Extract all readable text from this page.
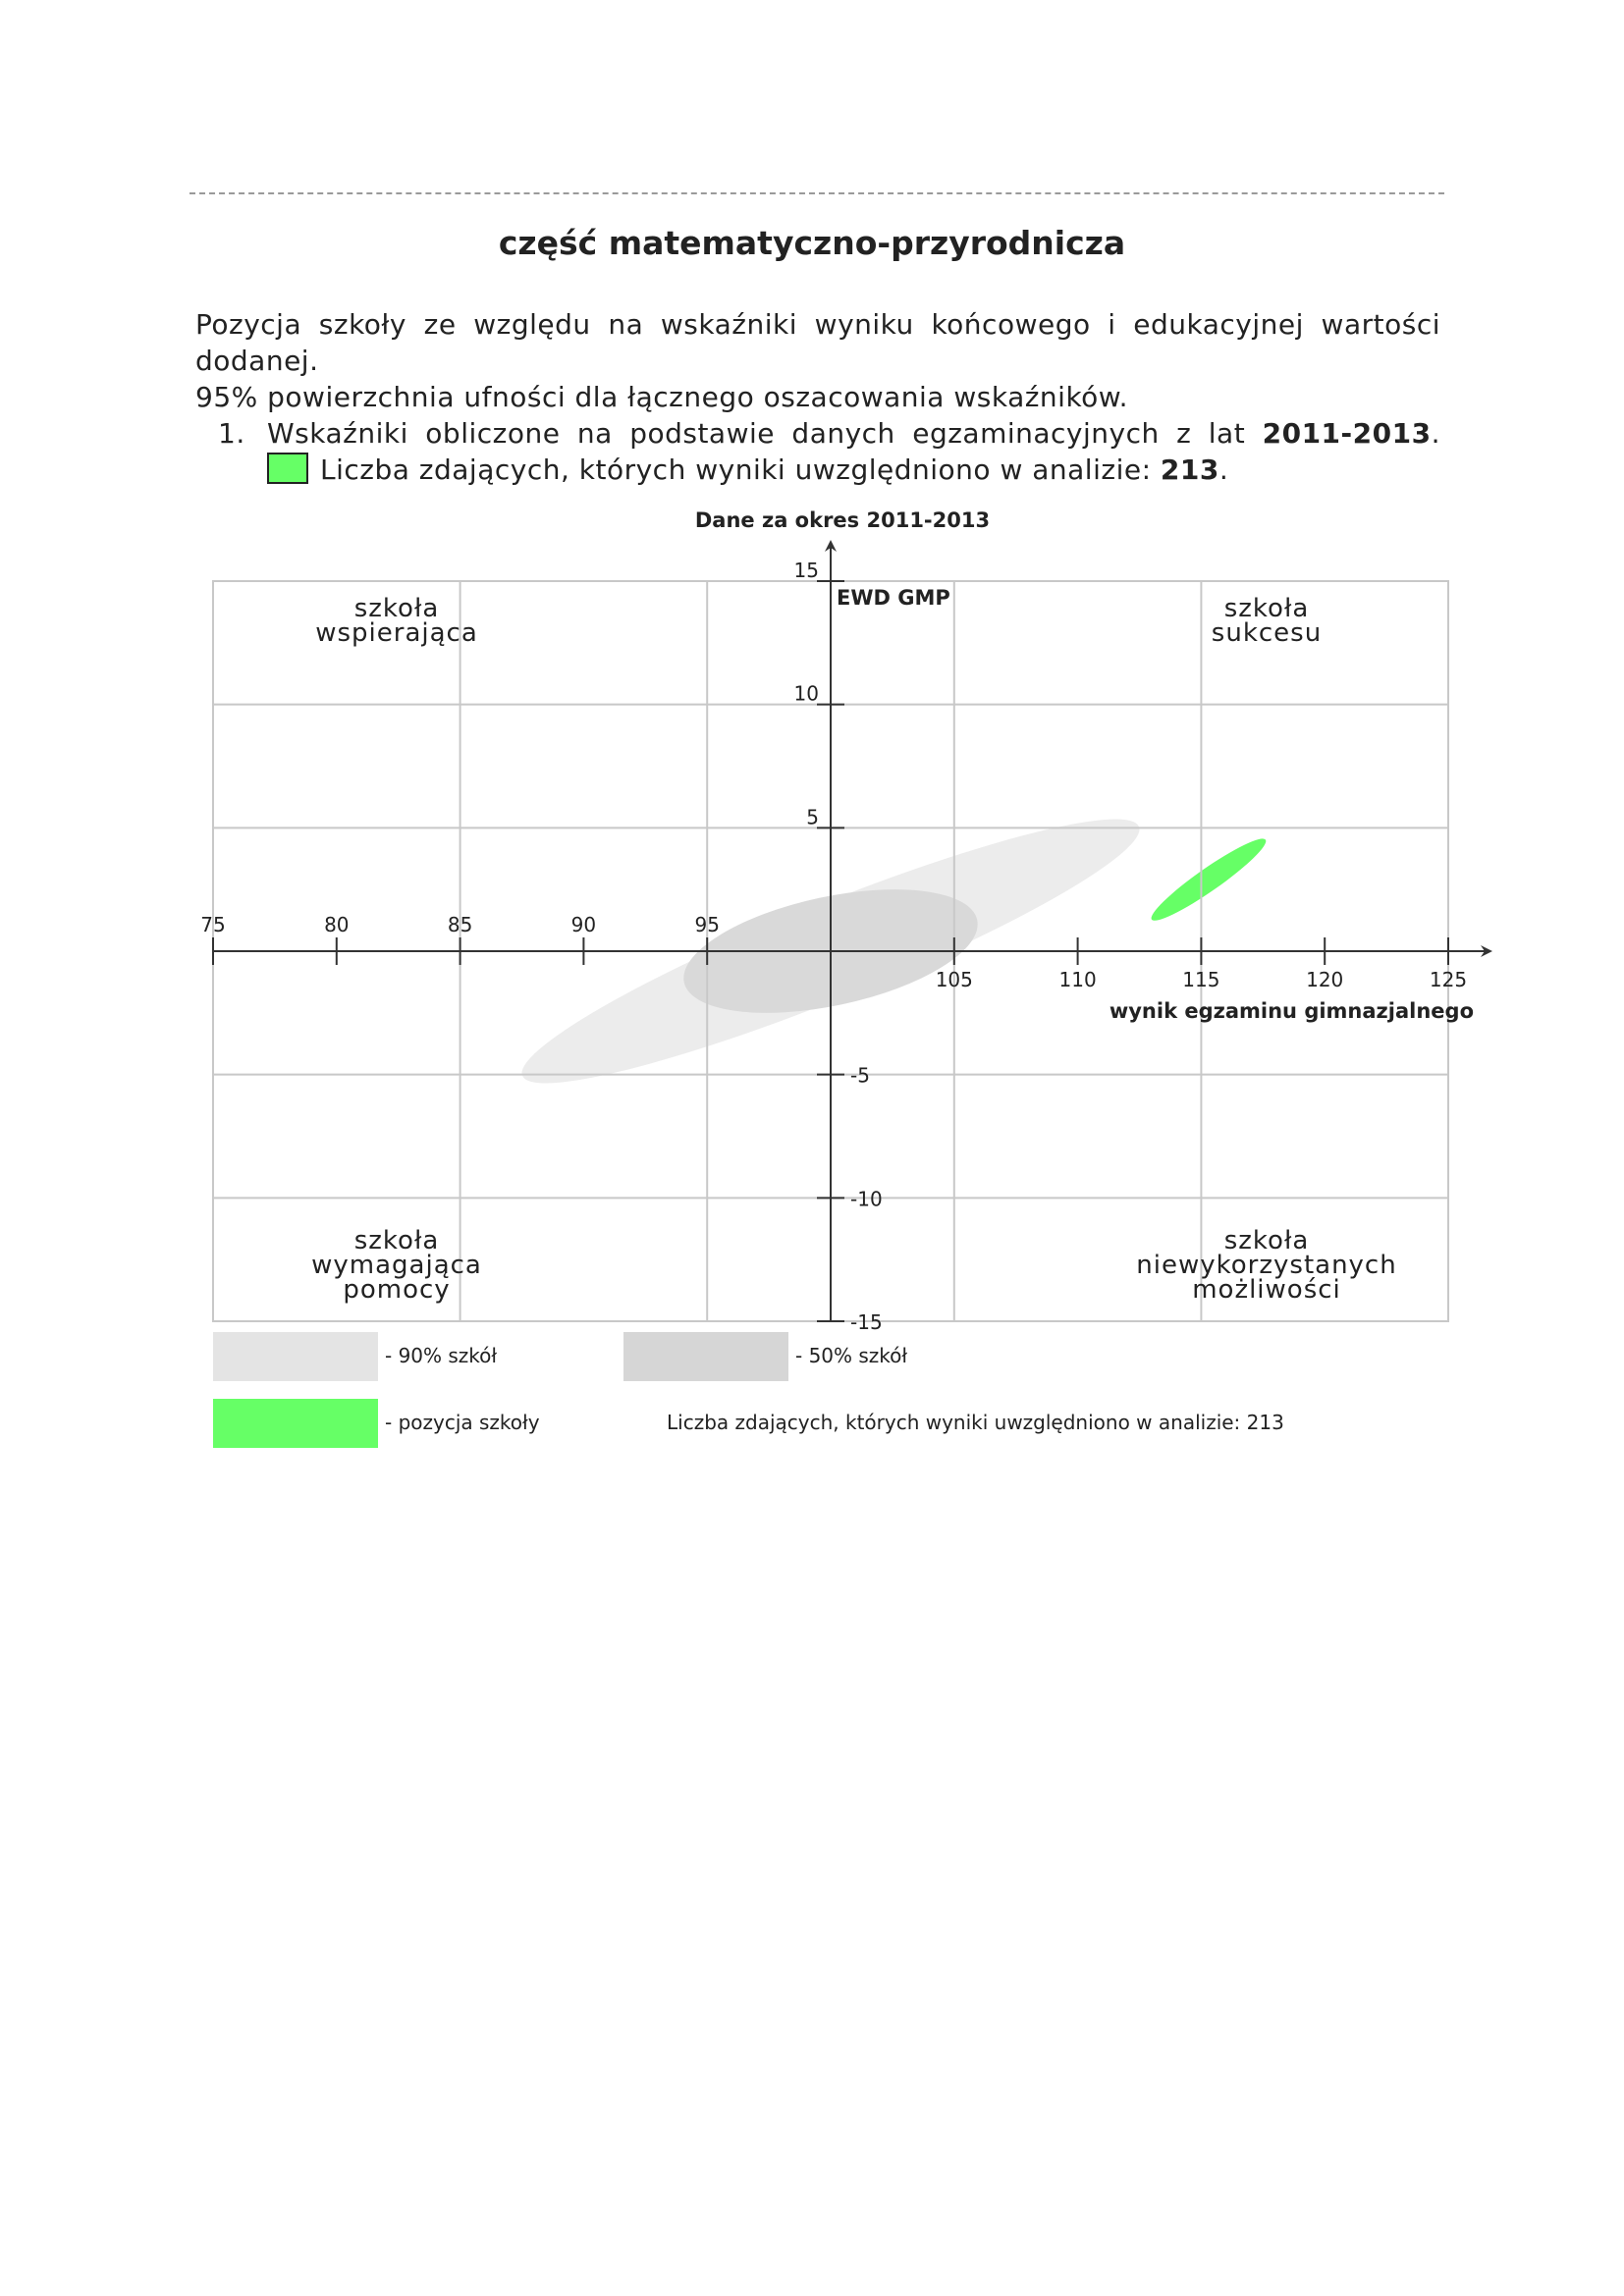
część matematyczno-przyrodnicza

Pozycja szkoły ze względu na wskaźniki wyniku końcowego i edukacyjnej wartości dodanej.

95% powierzchnia ufności dla łącznego oszacowania wskaźników.

1. Wskaźniki obliczone na podstawie danych egzaminacyjnych z lat 2011-2013.
Liczba zdających, których wyniki uwzględniono w analizie: 213.
75	80	85	90	95
105	110	115	120	125
15
10
5
-5
-10
-15
Dane za okres 2011-2013
EWD GMP
wynik egzaminu gimnazjalnego
szkoła
wspierająca
szkoła
sukcesu
szkoła
wymagająca
pomocy
szkoła
niewykorzystanych
możliwości
- 90% szkół	- 50% szkół
- pozycja szkoły	Liczba zdających, których wyniki uwzględniono w analizie: 213
